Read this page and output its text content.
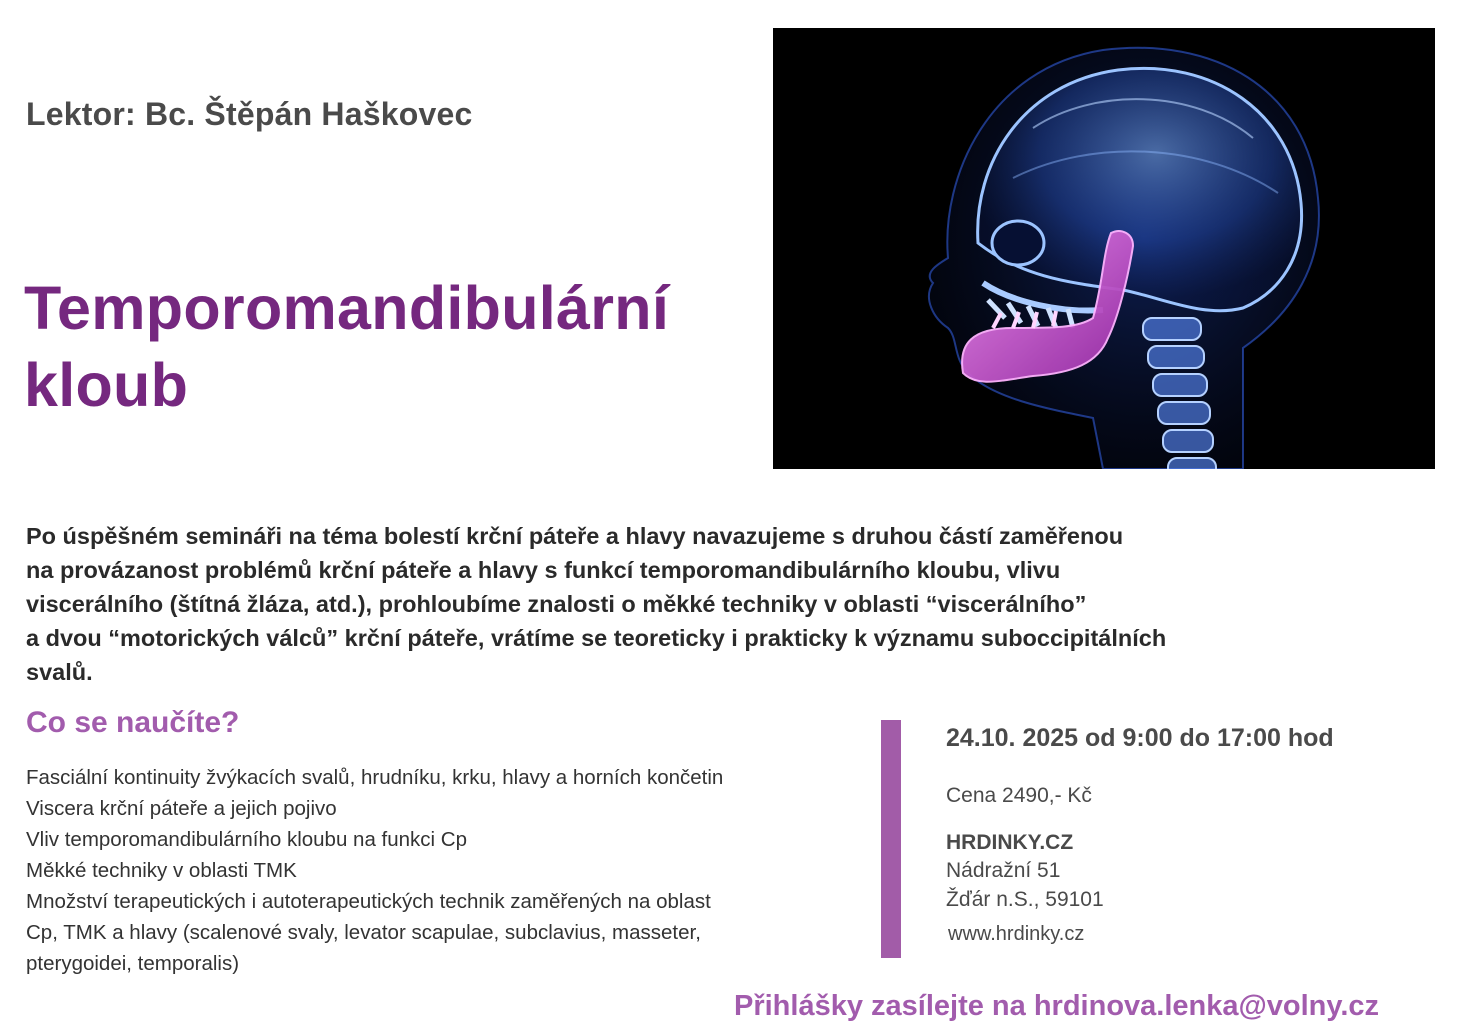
Lektor: Bc. Štěpán Haškovec
Temporomandibulární
kloub
Po úspěšném semináři na téma bolestí krční páteře a hlavy navazujeme s druhou částí zaměřenou
na provázanost problémů krční páteře a hlavy s funkcí temporomandibulárního kloubu, vlivu
viscerálního (štítná žláza, atd.), prohloubíme znalosti o měkké techniky v oblasti “viscerálního”
a dvou “motorických válců” krční páteře, vrátíme se teoreticky i prakticky k významu suboccipitálních
svalů.
Co se naučíte?
Fasciální kontinuity žvýkacích svalů, hrudníku, krku, hlavy a horních končetin
Viscera krční páteře a jejich pojivo
Vliv temporomandibulárního kloubu na funkci Cp
Měkké techniky v oblasti TMK
Množství terapeutických i autoterapeutických technik zaměřených na oblast
Cp, TMK a hlavy (scalenové svaly, levator scapulae, subclavius, masseter,
pterygoidei, temporalis)
24.10. 2025 od 9:00 do 17:00 hod
Cena 2490,- Kč
HRDINKY.CZ
Nádražní 51
Žďár n.S., 59101
www.hrdinky.cz
Přihlášky zasílejte na hrdinova.lenka@volny.cz
